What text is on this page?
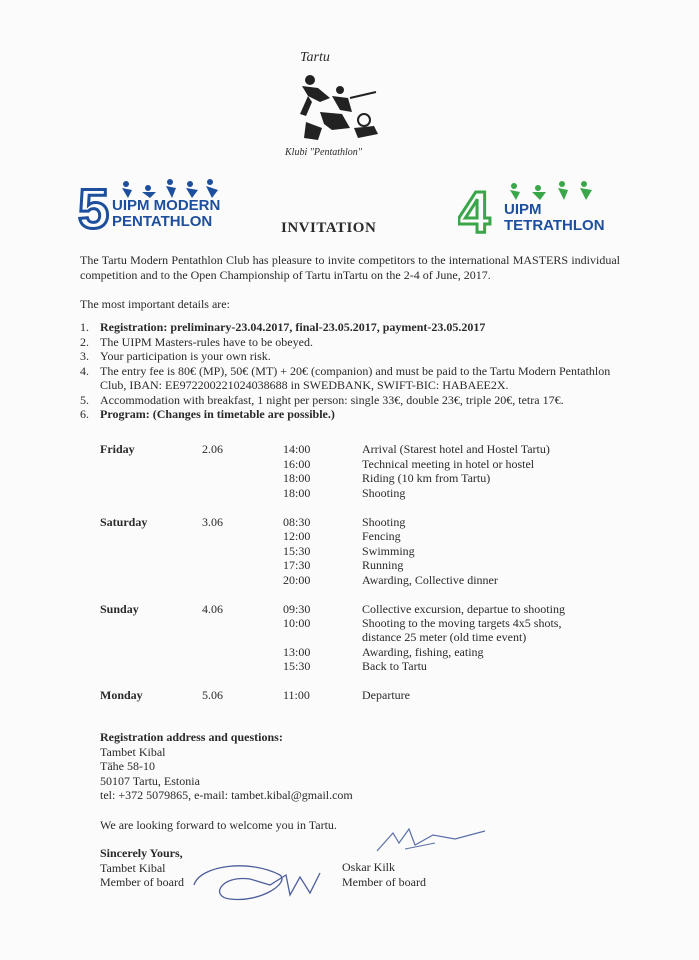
Tartu
Klubi "Pentathlon"
5 UIPM MODERN
PENTATHLON	4 UIPM
TETRATHLON
INVITATION
The Tartu Modern Pentathlon Club has pleasure to invite competitors to the international MASTERS individual competition and to the Open Championship of Tartu inTartu on the 2-4 of June, 2017.
The most important details are:
1. Registration: preliminary-23.04.2017, final-23.05.2017, payment-23.05.2017
2. The UIPM Masters-rules have to be obeyed.
3. Your participation is your own risk.
4. The entry fee is 80€ (MP), 50€ (MT) + 20€ (companion) and must be paid to the Tartu Modern Pentathlon Club, IBAN: EE972200221024038688 in SWEDBANK, SWIFT-BIC: HABAEE2X.
5. Accommodation with breakfast, 1 night per person: single 33€, double 23€, triple 20€, tetra 17€.
6. Program: (Changes in timetable are possible.)
Friday	2.06	14:00	Arrival (Starest hotel and Hostel Tartu)
16:00	Technical meeting in hotel or hostel
18:00	Riding (10 km from Tartu)
18:00	Shooting
Saturday	3.06	08:30	Shooting
12:00	Fencing
15:30	Swimming
17:30	Running
20:00	Awarding, Collective dinner
Sunday	4.06	09:30	Collective excursion, departue to shooting
10:00	Shooting to the moving targets 4x5 shots,
distance 25 meter (old time event)
13:00	Awarding, fishing, eating
15:30	Back to Tartu
Monday	5.06	11:00	Departure
Registration address and questions:
Tambet Kibal
Tähe 58-10
50107 Tartu, Estonia
tel: +372 5079865, e-mail: tambet.kibal@gmail.com
We are looking forward to welcome you in Tartu.
Sincerely Yours,
Tambet Kibal
Member of board
Oskar Kilk
Member of board
